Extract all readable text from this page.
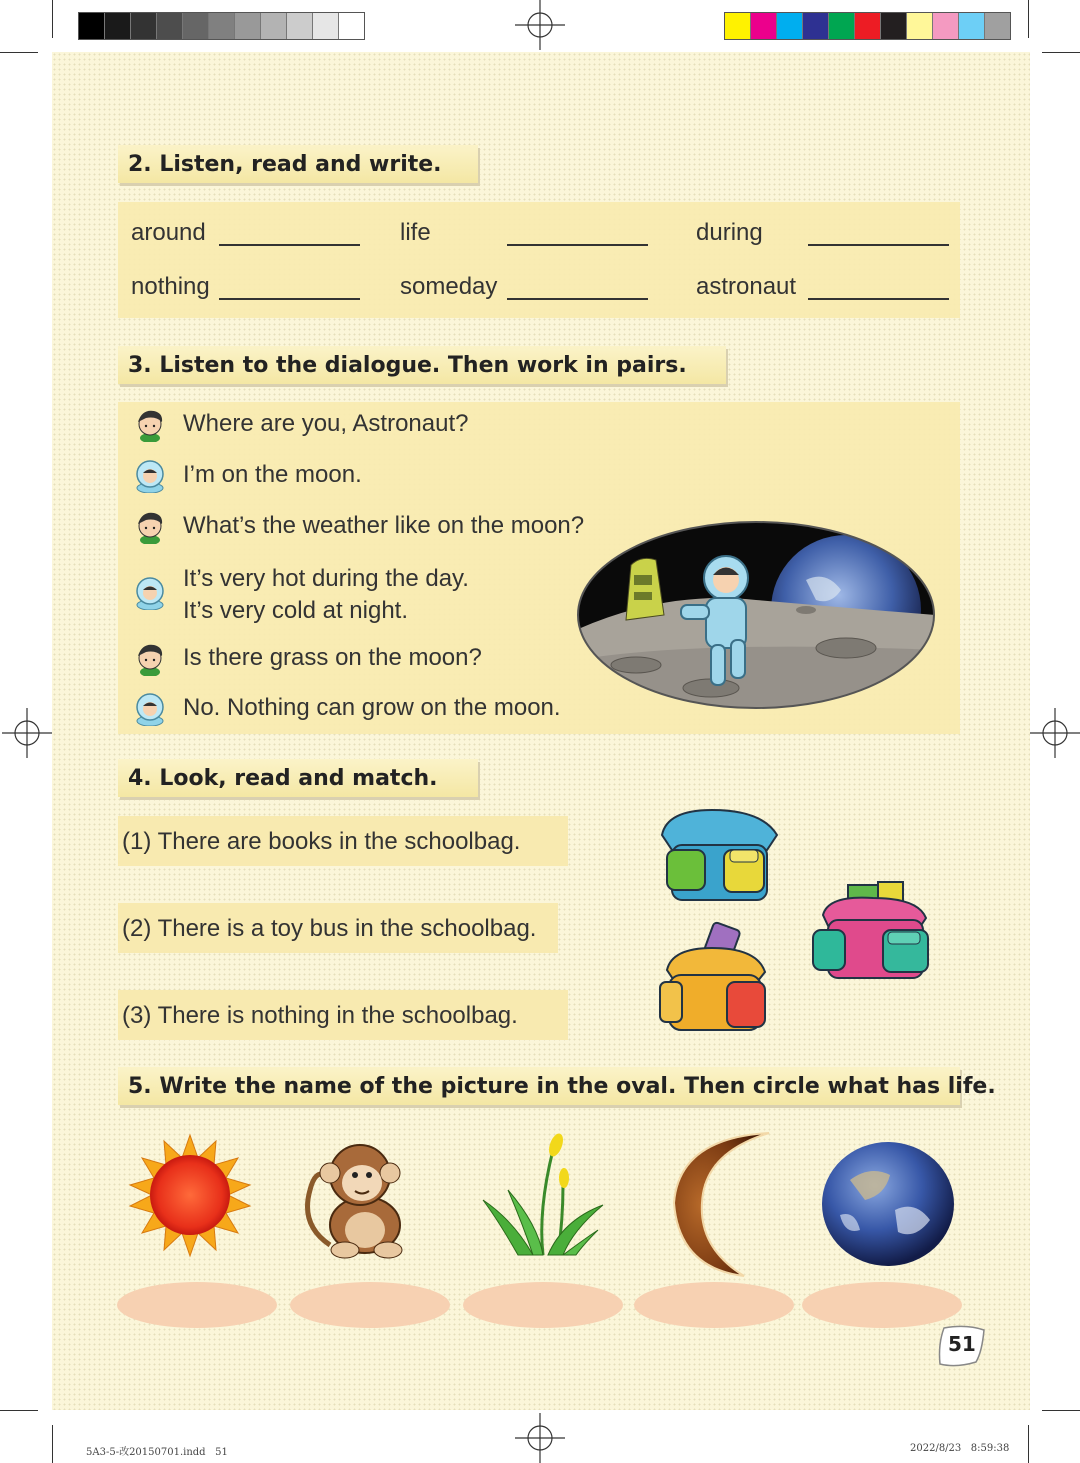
2. Listen, read and write.
around	life	during
nothing	someday	astronaut
3. Listen to the dialogue. Then work in pairs.
Where are you, Astronaut?
I’m on the moon.
What’s the weather like on the moon?
It’s very hot during the day.
It’s very cold at night.
Is there grass on the moon?
No. Nothing can grow on the moon.
4. Look, read and match.
(1) There are books in the schoolbag.
(2) There is a toy bus in the schoolbag.
(3) There is nothing in the schoolbag.
5. Write the name of the picture in the oval. Then circle what has life.
51
5A3-5-改20150701.indd   51	2022/8/23   8:59:38
